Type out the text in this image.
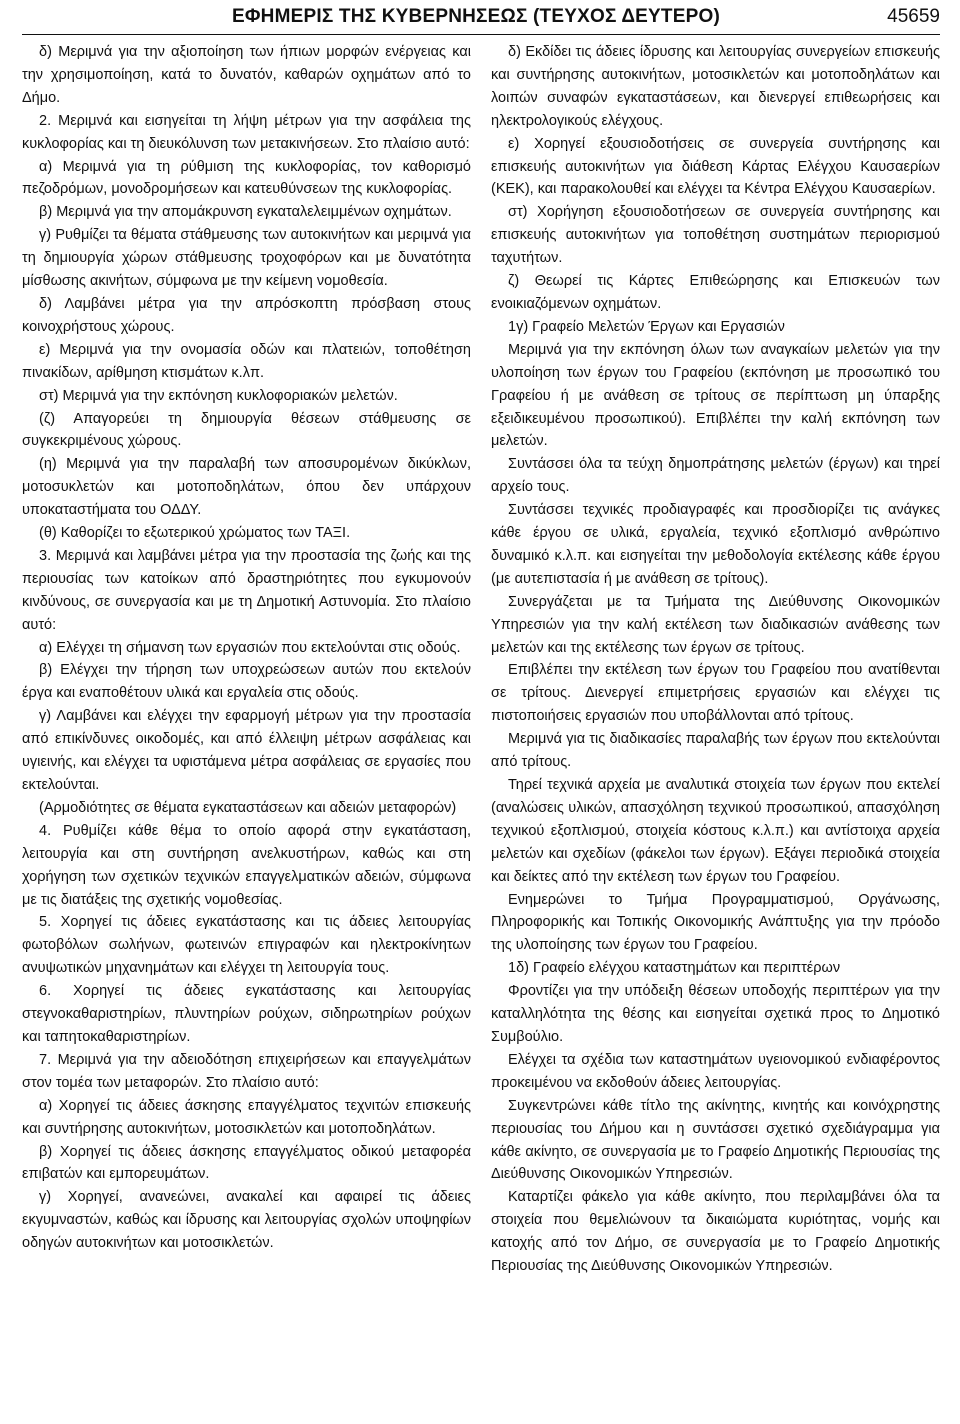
ΕΦΗΜΕΡΙΣ ΤΗΣ ΚΥΒΕΡΝΗΣΕΩΣ (ΤΕΥΧΟΣ ΔΕΥΤΕΡΟ)	45659

δ) Μεριμνά για την αξιοποίηση των ήπιων μορφών ενέργειας και την χρησιμοποίηση, κατά το δυνατόν, καθαρών οχημάτων από το Δήμο.

2. Μεριμνά και εισηγείται τη λήψη μέτρων για την ασφάλεια της κυκλοφορίας και τη διευκόλυνση των μετακινήσεων. Στο πλαίσιο αυτό:

α) Μεριμνά για τη ρύθμιση της κυκλοφορίας, τον καθορισμό πεζοδρόμων, μονοδρομήσεων και κατευθύνσεων της κυκλοφορίας.

β) Μεριμνά για την απομάκρυνση εγκαταλελειμμένων οχημάτων.

γ) Ρυθμίζει τα θέματα στάθμευσης των αυτοκινήτων και μεριμνά για τη δημιουργία χώρων στάθμευσης τροχοφόρων και με δυνατότητα μίσθωσης ακινήτων, σύμφωνα με την κείμενη νομοθεσία.

δ) Λαμβάνει μέτρα για την απρόσκοπτη πρόσβαση στους κοινοχρήστους χώρους.

ε) Μεριμνά για την ονομασία οδών και πλατειών, τοποθέτηση πινακίδων, αρίθμηση κτισμάτων κ.λπ.

στ) Μεριμνά για την εκπόνηση κυκλοφοριακών μελετών.

(ζ) Απαγορεύει τη δημιουργία θέσεων στάθμευσης σε συγκεκριμένους χώρους.

(η) Μεριμνά για την παραλαβή των αποσυρομένων δικύκλων, μοτοσυκλετών και μοτοποδηλάτων, όπου δεν υπάρχουν υποκαταστήματα του ΟΔΔΥ.

(θ) Καθορίζει το εξωτερικού χρώματος των ΤΑΞΙ.

3. Μεριμνά και λαμβάνει μέτρα για την προστασία της ζωής και της περιουσίας των κατοίκων από δραστηριότητες που εγκυμονούν κινδύνους, σε συνεργασία και με τη Δημοτική Αστυνομία. Στο πλαίσιο αυτό:

α) Ελέγχει τη σήμανση των εργασιών που εκτελούνται στις οδούς.

β) Ελέγχει την τήρηση των υποχρεώσεων αυτών που εκτελούν έργα και εναποθέτουν υλικά και εργαλεία στις οδούς.

γ) Λαμβάνει και ελέγχει την εφαρμογή μέτρων για την προστασία από επικίνδυνες οικοδομές, και από έλλειψη μέτρων ασφάλειας και υγιεινής, και ελέγχει τα υφιστάμενα μέτρα ασφάλειας σε εργασίες που εκτελούνται.

(Αρμοδιότητες σε θέματα εγκαταστάσεων και αδειών μεταφορών)

4. Ρυθμίζει κάθε θέμα το οποίο αφορά στην εγκατάσταση, λειτουργία και στη συντήρηση ανελκυστήρων, καθώς και στη χορήγηση των σχετικών τεχνικών επαγγελματικών αδειών, σύμφωνα με τις διατάξεις της σχετικής νομοθεσίας.

5. Χορηγεί τις άδειες εγκατάστασης και τις άδειες λειτουργίας φωτοβόλων σωλήνων, φωτεινών επιγραφών και ηλεκτροκίνητων ανυψωτικών μηχανημάτων και ελέγχει τη λειτουργία τους.

6. Χορηγεί τις άδειες εγκατάστασης και λειτουργίας στεγνοκαθαριστηρίων, πλυντηρίων ρούχων, σιδηρωτηρίων ρούχων και ταπητοκαθαριστηρίων.

7. Μεριμνά για την αδειοδότηση επιχειρήσεων και επαγγελμάτων στον τομέα των μεταφορών. Στο πλαίσιο αυτό:

α) Χορηγεί τις άδειες άσκησης επαγγέλματος τεχνιτών επισκευής και συντήρησης αυτοκινήτων, μοτοσικλετών και μοτοποδηλάτων.

β) Χορηγεί τις άδειες άσκησης επαγγέλματος οδικού μεταφορέα επιβατών και εμπορευμάτων.

γ) Χορηγεί, ανανεώνει, ανακαλεί και αφαιρεί τις άδειες εκγυμναστών, καθώς και ίδρυσης και λειτουργίας σχολών υποψηφίων οδηγών αυτοκινήτων και μοτοσικλετών.

δ) Εκδίδει τις άδειες ίδρυσης και λειτουργίας συνεργείων επισκευής και συντήρησης αυτοκινήτων, μοτοσικλετών και μοτοποδηλάτων και λοιπών συναφών εγκαταστάσεων, και διενεργεί επιθεωρήσεις και ηλεκτρολογικούς ελέγχους.

ε) Χορηγεί εξουσιοδοτήσεις σε συνεργεία συντήρησης και επισκευής αυτοκινήτων για διάθεση Κάρτας Ελέγχου Καυσαερίων (ΚΕΚ), και παρακολουθεί και ελέγχει τα Κέντρα Ελέγχου Καυσαερίων.

στ) Χορήγηση εξουσιοδοτήσεων σε συνεργεία συντήρησης και επισκευής αυτοκινήτων για τοποθέτηση συστημάτων περιορισμού ταχυτήτων.

ζ) Θεωρεί τις Κάρτες Επιθεώρησης και Επισκευών των ενοικιαζόμενων οχημάτων.

1γ) Γραφείο Μελετών Έργων και Εργασιών

Μεριμνά για την εκπόνηση όλων των αναγκαίων μελετών για την υλοποίηση των έργων του Γραφείου (εκπόνηση με προσωπικό του Γραφείου ή με ανάθεση σε τρίτους σε περίπτωση μη ύπαρξης εξειδικευμένου προσωπικού). Επιβλέπει την καλή εκπόνηση των μελετών.

Συντάσσει όλα τα τεύχη δημοπράτησης μελετών (έργων) και τηρεί αρχείο τους.

Συντάσσει τεχνικές προδιαγραφές και προσδιορίζει τις ανάγκες κάθε έργου σε υλικά, εργαλεία, τεχνικό εξοπλισμό ανθρώπινο δυναμικό κ.λ.π. και εισηγείται την μεθοδολογία εκτέλεσης κάθε έργου (με αυτεπιστασία ή με ανάθεση σε τρίτους).

Συνεργάζεται με τα Τμήματα της Διεύθυνσης Οικονομικών Υπηρεσιών για την καλή εκτέλεση των διαδικασιών ανάθεσης των μελετών και της εκτέλεσης των έργων σε τρίτους.

Επιβλέπει την εκτέλεση των έργων του Γραφείου που ανατίθενται σε τρίτους. Διενεργεί επιμετρήσεις εργασιών και ελέγχει τις πιστοποιήσεις εργασιών που υποβάλλονται από τρίτους.

Μεριμνά για τις διαδικασίες παραλαβής των έργων που εκτελούνται από τρίτους.

Τηρεί τεχνικά αρχεία με αναλυτικά στοιχεία των έργων που εκτελεί (αναλώσεις υλικών, απασχόληση τεχνικού προσωπικού, απασχόληση τεχνικού εξοπλισμού, στοιχεία κόστους κ.λ.π.) και αντίστοιχα αρχεία μελετών και σχεδίων (φάκελοι των έργων). Εξάγει περιοδικά στοιχεία και δείκτες από την εκτέλεση των έργων του Γραφείου.

Ενημερώνει το Τμήμα Προγραμματισμού, Οργάνωσης, Πληροφορικής και Τοπικής Οικονομικής Ανάπτυξης για την πρόοδο της υλοποίησης των έργων του Γραφείου.

1δ) Γραφείο ελέγχου καταστημάτων και περιπτέρων

Φροντίζει για την υπόδειξη θέσεων υποδοχής περιπτέρων για την καταλληλότητα της θέσης και εισηγείται σχετικά προς το Δημοτικό Συμβούλιο.

Ελέγχει τα σχέδια των καταστημάτων υγειονομικού ενδιαφέροντος προκειμένου να εκδοθούν άδειες λειτουργίας.

Συγκεντρώνει κάθε τίτλο της ακίνητης, κινητής και κοινόχρηστης περιουσίας του Δήμου και η συντάσσει σχετικό σχεδιάγραμμα για κάθε ακίνητο, σε συνεργασία με το Γραφείο Δημοτικής Περιουσίας της Διεύθυνσης Οικονομικών Υπηρεσιών.

Καταρτίζει φάκελο για κάθε ακίνητο, που περιλαμβάνει όλα τα στοιχεία που θεμελιώνουν τα δικαιώματα κυριότητας, νομής και κατοχής από τον Δήμο, σε συνεργασία με το Γραφείο Δημοτικής Περιουσίας της Διεύθυνσης Οικονομικών Υπηρεσιών.
